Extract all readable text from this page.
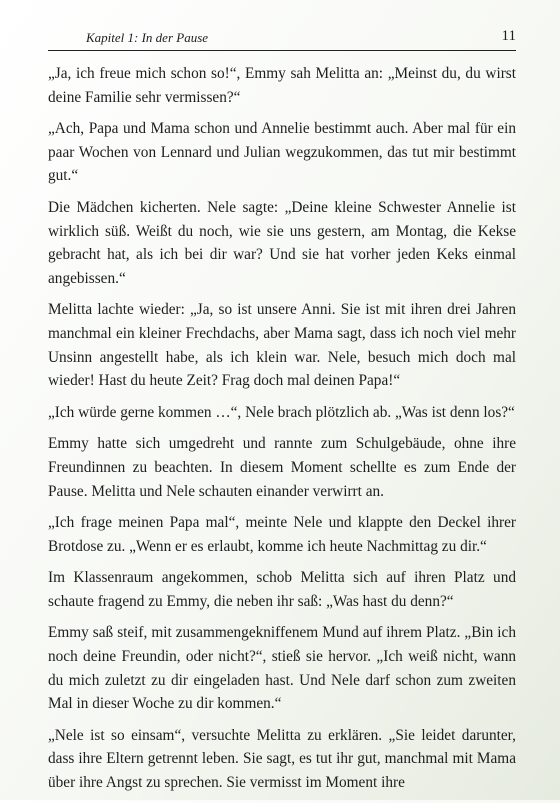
Kapitel 1: In der Pause	11

„Ja, ich freue mich schon so!“, Emmy sah Melitta an: „Meinst du, du wirst deine Familie sehr vermissen?“

„Ach, Papa und Mama schon und Annelie bestimmt auch. Aber mal für ein paar Wochen von Lennard und Julian wegzukommen, das tut mir bestimmt gut.“

Die Mädchen kicherten. Nele sagte: „Deine kleine Schwester Annelie ist wirklich süß. Weißt du noch, wie sie uns gestern, am Montag, die Kekse gebracht hat, als ich bei dir war? Und sie hat vorher jeden Keks einmal angebissen.“

Melitta lachte wieder: „Ja, so ist unsere Anni. Sie ist mit ihren drei Jahren manchmal ein kleiner Frechdachs, aber Mama sagt, dass ich noch viel mehr Unsinn angestellt habe, als ich klein war. Nele, besuch mich doch mal wieder! Hast du heute Zeit? Frag doch mal deinen Papa!“

„Ich würde gerne kommen …“, Nele brach plötzlich ab. „Was ist denn los?“

Emmy hatte sich umgedreht und rannte zum Schulgebäude, ohne ihre Freundinnen zu beachten. In diesem Moment schellte es zum Ende der Pause. Melitta und Nele schauten einander verwirrt an.

„Ich frage meinen Papa mal“, meinte Nele und klappte den Deckel ihrer Brotdose zu. „Wenn er es erlaubt, komme ich heute Nachmittag zu dir.“

Im Klassenraum angekommen, schob Melitta sich auf ihren Platz und schaute fragend zu Emmy, die neben ihr saß: „Was hast du denn?“

Emmy saß steif, mit zusammengekniffenem Mund auf ihrem Platz. „Bin ich noch deine Freundin, oder nicht?“, stieß sie hervor. „Ich weiß nicht, wann du mich zuletzt zu dir eingeladen hast. Und Nele darf schon zum zweiten Mal in dieser Woche zu dir kommen.“

„Nele ist so einsam“, versuchte Melitta zu erklären. „Sie leidet darunter, dass ihre Eltern getrennt leben. Sie sagt, es tut ihr gut, manchmal mit Mama über ihre Angst zu sprechen. Sie vermisst im Moment ihre
